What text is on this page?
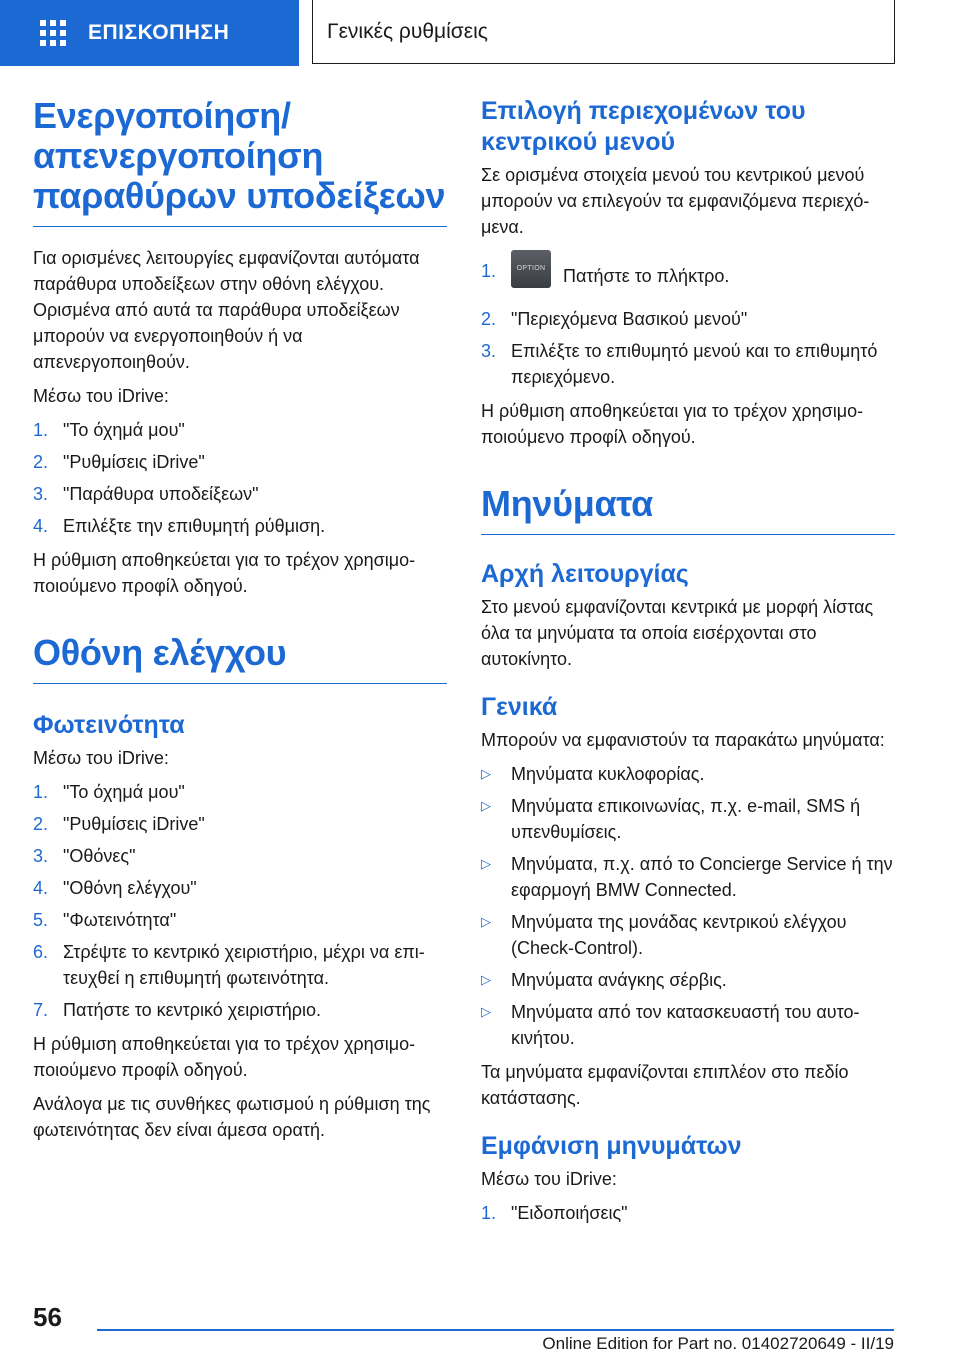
ΕΠΙΣΚΟΠΗΣΗ	Γενικές ρυθμίσεις
Ενεργοποίηση/ απενεργοποίηση παραθύρων υποδείξεων

Για ορισμένες λειτουργίες εμφανίζονται αυτόματα παράθυρα υποδείξεων στην οθόνη ελέγχου. Ορισμένα από αυτά τα παράθυρα υποδείξεων μπορούν να ενεργοποιηθούν ή να απενεργοποιηθούν.

Μέσω του iDrive:

1. "Το όχημά μου"
2. "Ρυθμίσεις iDrive"
3. "Παράθυρα υποδείξεων"
4. Επιλέξτε την επιθυμητή ρύθμιση.

Η ρύθμιση αποθηκεύεται για το τρέχον χρησιμοποιούμενο προφίλ οδηγού.

Οθόνη ελέγχου
Φωτεινότητα

Μέσω του iDrive:

1. "Το όχημά μου"
2. "Ρυθμίσεις iDrive"
3. "Οθόνες"
4. "Οθόνη ελέγχου"
5. "Φωτεινότητα"
6. Στρέψτε το κεντρικό χειριστήριο, μέχρι να επιτευχθεί η επιθυμητή φωτεινότητα.
7. Πατήστε το κεντρικό χειριστήριο.

Η ρύθμιση αποθηκεύεται για το τρέχον χρησιμοποιούμενο προφίλ οδηγού.

Ανάλογα με τις συνθήκες φωτισμού η ρύθμιση της φωτεινότητας δεν είναι άμεσα ορατή.

Επιλογή περιεχομένων του κεντρικού μενού

Σε ορισμένα στοιχεία μενού του κεντρικού μενού μπορούν να επιλεγούν τα εμφανιζόμενα περιεχόμενα.

1.	OPTION Πατήστε το πλήκτρο.
2. "Περιεχόμενα Βασικού μενού"
3. Επιλέξτε το επιθυμητό μενού και το επιθυμητό περιεχόμενο.

Η ρύθμιση αποθηκεύεται για το τρέχον χρησιμοποιούμενο προφίλ οδηγού.

Μηνύματα
Αρχή λειτουργίας

Στο μενού εμφανίζονται κεντρικά με μορφή λίστας όλα τα μηνύματα τα οποία εισέρχονται στο αυτοκίνητο.

Γενικά

Μπορούν να εμφανιστούν τα παρακάτω μηνύματα:

▷ Μηνύματα κυκλοφορίας.
▷ Μηνύματα επικοινωνίας, π.χ. e-mail, SMS ή υπενθυμίσεις.
▷ Μηνύματα, π.χ. από το Concierge Service ή την εφαρμογή BMW Connected.
▷ Μηνύματα της μονάδας κεντρικού ελέγχου (Check-Control).
▷ Μηνύματα ανάγκης σέρβις.
▷ Μηνύματα από τον κατασκευαστή του αυτοκινήτου.

Τα μηνύματα εμφανίζονται επιπλέον στο πεδίο κατάστασης.

Εμφάνιση μηνυμάτων

Μέσω του iDrive:

1. "Ειδοποιήσεις"
56
Online Edition for Part no. 01402720649 - II/19
